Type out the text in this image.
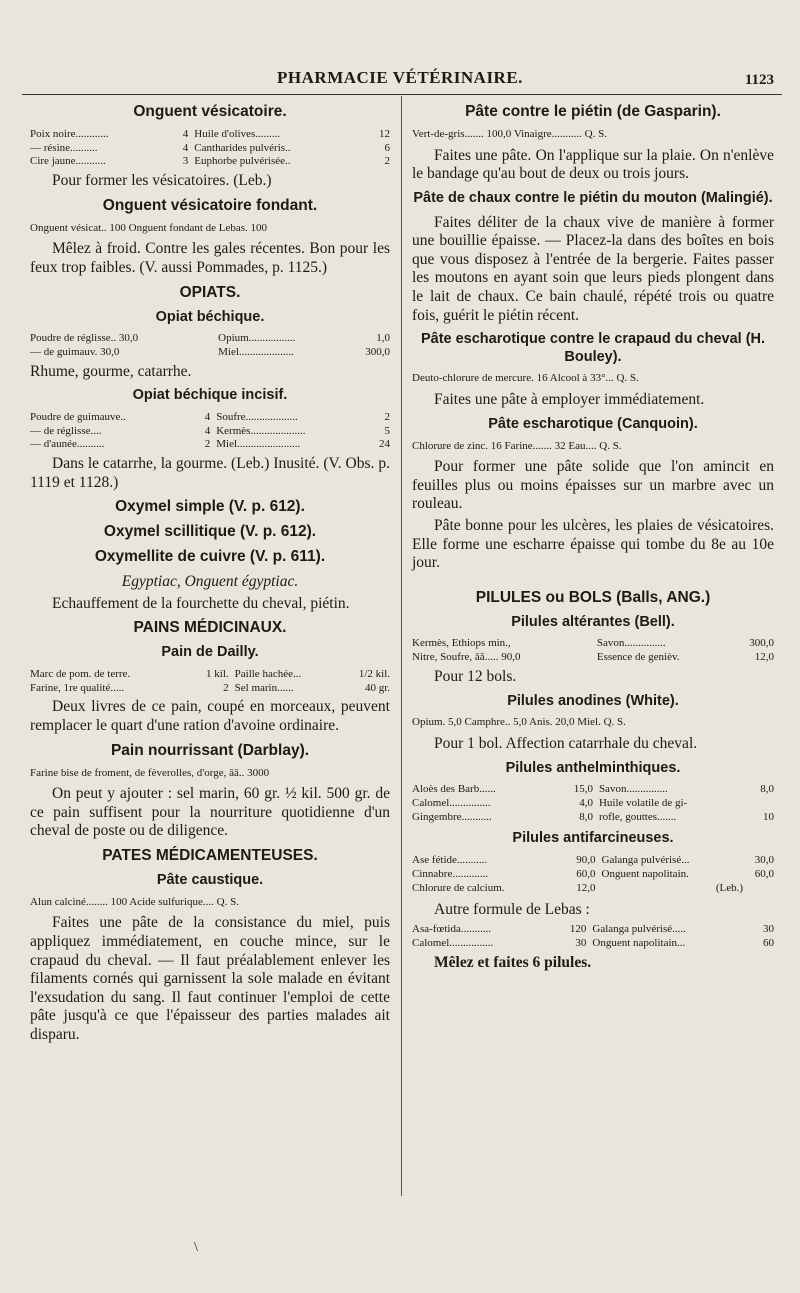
PHARMACIE VÉTÉRINAIRE.	1123
Onguent vésicatoire.
Poix noire............	4	Huile d'olives.........	12
— résine..........	4	Cantharides pulvéris..	6
Cire jaune...........	3	Euphorbe pulvérisée..	2
Pour former les vésicatoires. (Leb.)
Onguent vésicatoire fondant.
Onguent vésicat.. 100 Onguent fondant de Lebas. 100
Mêlez à froid. Contre les gales récentes. Bon pour les feux trop faibles. (V. aussi Pommades, p. 1125.)
OPIATS.
Opiat béchique.
Poudre de réglisse.. 30,0		Opium.................	1,0
— de guimauv. 30,0		Miel....................	300,0
Rhume, gourme, catarrhe.
Opiat béchique incisif.
Poudre de guimauve..	4	Soufre...................	2
— de réglisse....	4	Kermès....................	5
— d'aunée..........	2	Miel.......................	24
Dans le catarrhe, la gourme. (Leb.) Inusité. (V. Obs. p. 1119 et 1128.)
Oxymel simple (V. p. 612).
Oxymel scillitique (V. p. 612).
Oxymellite de cuivre (V. p. 611).
Egyptiac, Onguent égyptiac.
Echauffement de la fourchette du cheval, piétin.
PAINS MÉDICINAUX.
Pain de Dailly.
Marc de pom. de terre.	1 kil.	Paille hachée...	1/2 kil.
Farine, 1re qualité.....	2	Sel marin......	40 gr.
Deux livres de ce pain, coupé en morceaux, peuvent remplacer le quart d'une ration d'avoine ordinaire.
Pain nourrissant (Darblay).
Farine bise de froment, de fèverolles, d'orge, āā.. 3000
On peut y ajouter : sel marin, 60 gr. ½ kil. 500 gr. de ce pain suffisent pour la nourriture quotidienne d'un cheval de poste ou de diligence.
PATES MÉDICAMENTEUSES.
Pâte caustique.
Alun calciné........ 100 Acide sulfurique.... Q. S.
Faites une pâte de la consistance du miel, puis appliquez immédiatement, en couche mince, sur le crapaud du cheval. — Il faut préalablement enlever les filaments cornés qui garnissent la sole malade en évitant l'exsudation du sang. Il faut continuer l'emploi de cette pâte jusqu'à ce que l'épaisseur des parties malades ait disparu.
Pâte contre le piétin (de Gasparin).
Vert-de-gris....... 100,0 Vinaigre........... Q. S.
Faites une pâte. On l'applique sur la plaie. On n'enlève le bandage qu'au bout de deux ou trois jours.
Pâte de chaux contre le piétin du mouton (Malingié).
Faites déliter de la chaux vive de manière à former une bouillie épaisse. — Placez-la dans des boîtes en bois que vous disposez à l'entrée de la bergerie. Faites passer les moutons en ayant soin que leurs pieds plongent dans le lait de chaux. Ce bain chaulé, répété trois ou quatre fois, guérit le piétin récent.
Pâte escharotique contre le crapaud du cheval (H. Bouley).
Deuto-chlorure de mercure. 16 Alcool à 33°... Q. S.
Faites une pâte à employer immédiatement.
Pâte escharotique (Canquoin).
Chlorure de zinc. 16 Farine....... 32 Eau.... Q. S.
Pour former une pâte solide que l'on amincit en feuilles plus ou moins épaisses sur un marbre avec un rouleau.
Pâte bonne pour les ulcères, les plaies de vésicatoires. Elle forme une escharre épaisse qui tombe du 8e au 10e jour.
PILULES ou BOLS (Balls, ANG.)
Pilules altérantes (Bell).
Kermès, Ethiops min.,		Savon...............	300,0
Nitre, Soufre, āā..... 90,0		Essence de genièv.	12,0
Pour 12 bols.
Pilules anodines (White).
Opium. 5,0 Camphre.. 5,0 Anis. 20,0 Miel. Q. S.
Pour 1 bol. Affection catarrhale du cheval.
Pilules anthelminthiques.
Aloès des Barb......	15,0	Savon...............	8,0
Calomel...............	4,0	Huile volatile de gi-	
Gingembre...........	8,0	rofle, gouttes.......	10
Pilules antifarcineuses.
Ase fétide...........	90,0	Galanga pulvérisé...	30,0
Cinnabre.............	60,0	Onguent napolitain.	60,0
Chlorure de calcium.	12,0	(Leb.)	
Autre formule de Lebas :
Asa-fœtida...........	120	Galanga pulvérisé.....	30
Calomel................	30	Onguent napolitain...	60
Mêlez et faites 6 pilules.
\
